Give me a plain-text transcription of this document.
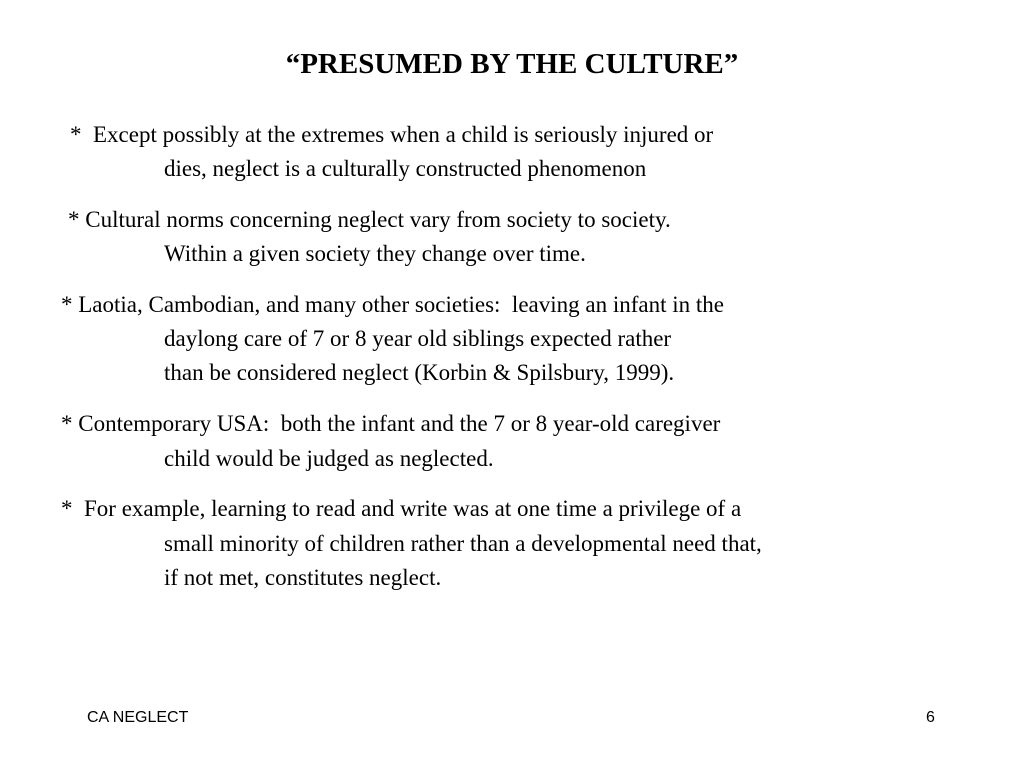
“PRESUMED BY THE CULTURE”
*  Except possibly at the extremes when a child is seriously injured or
dies, neglect is a culturally constructed phenomenon
* Cultural norms concerning neglect vary from society to society.
Within a given society they change over time.
* Laotia, Cambodian, and many other societies:  leaving an infant in the
daylong care of 7 or 8 year old siblings expected rather
than be considered neglect (Korbin & Spilsbury, 1999).
* Contemporary USA:  both the infant and the 7 or 8 year-old caregiver
child would be judged as neglected.
*  For example, learning to read and write was at one time a privilege of a
small minority of children rather than a developmental need that,
if not met, constitutes neglect.
CA NEGLECT	6
